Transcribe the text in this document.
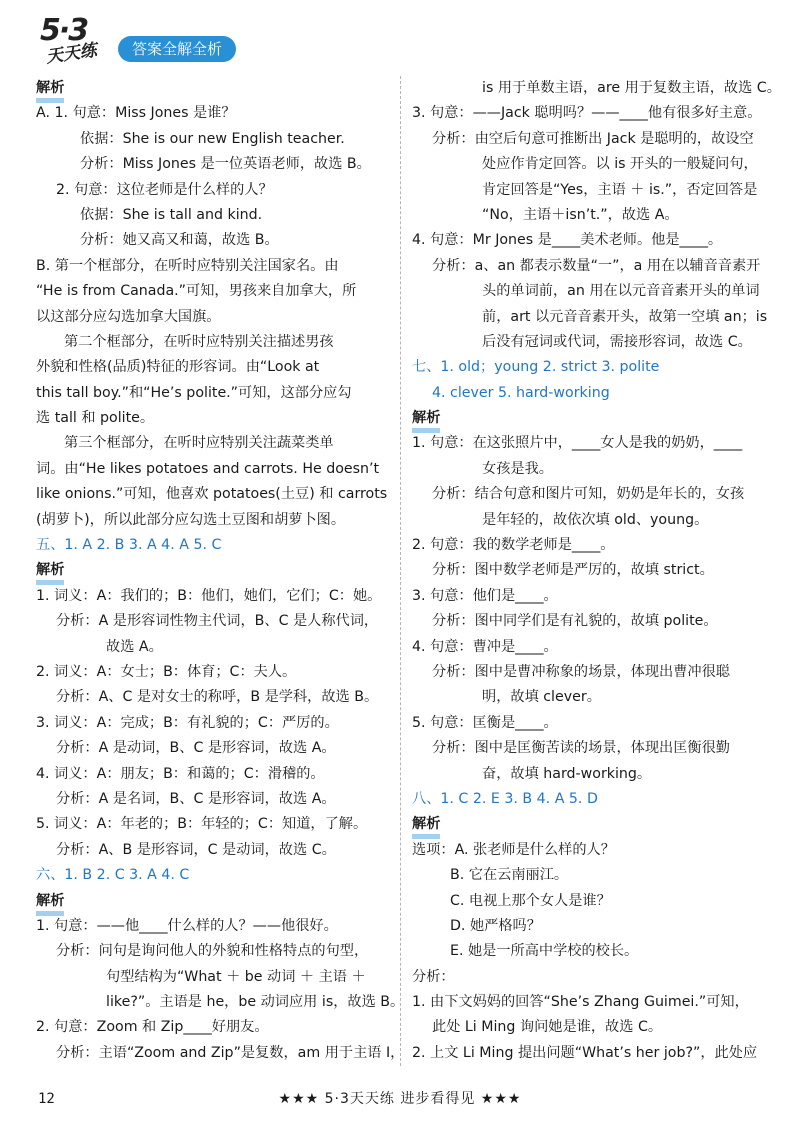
5·3
天天练	答案全解全析
解析
A. 1. 句意：Miss Jones 是谁？
依据：She is our new English teacher.
分析：Miss Jones 是一位英语老师，故选 B。
2. 句意：这位老师是什么样的人？
依据：She is tall and kind.
分析：她又高又和蔼，故选 B。
B. 第一个框部分，在听时应特别关注国家名。由
“He is from Canada.”可知，男孩来自加拿大，所
以这部分应勾选加拿大国旗。
第二个框部分，在听时应特别关注描述男孩
外貌和性格(品质)特征的形容词。由“Look at
this tall boy.”和“He’s polite.”可知，这部分应勾
选 tall 和 polite。
第三个框部分，在听时应特别关注蔬菜类单
词。由“He likes potatoes and carrots. He doesn’t
like onions.”可知，他喜欢 potatoes(土豆) 和 carrots
(胡萝卜)，所以此部分应勾选土豆图和胡萝卜图。
五、1. A 2. B 3. A 4. A 5. C
解析
1. 词义：A：我们的；B：他们，她们，它们；C：她。
分析：A 是形容词性物主代词，B、C 是人称代词，
故选 A。
2. 词义：A：女士；B：体育；C：夫人。
分析：A、C 是对女士的称呼，B 是学科，故选 B。
3. 词义：A：完成；B：有礼貌的；C：严厉的。
分析：A 是动词，B、C 是形容词，故选 A。
4. 词义：A：朋友；B：和蔼的；C：滑稽的。
分析：A 是名词，B、C 是形容词，故选 A。
5. 词义：A：年老的；B：年轻的；C：知道，了解。
分析：A、B 是形容词，C 是动词，故选 C。
六、1. B 2. C 3. A 4. C
解析
1. 句意：——他____什么样的人？——他很好。
分析：问句是询问他人的外貌和性格特点的句型，
句型结构为“What ＋ be 动词 ＋ 主语 ＋
like?”。主语是 he，be 动词应用 is，故选 B。
2. 句意：Zoom 和 Zip____好朋友。
分析：主语“Zoom and Zip”是复数，am 用于主语 I，
is 用于单数主语，are 用于复数主语，故选 C。
3. 句意：——Jack 聪明吗？——____他有很多好主意。
分析：由空后句意可推断出 Jack 是聪明的，故设空
处应作肯定回答。以 is 开头的一般疑问句，
肯定回答是“Yes，主语 ＋ is.”，否定回答是
“No，主语＋isn’t.”，故选 A。
4. 句意：Mr Jones 是____美术老师。他是____。
分析：a、an 都表示数量“一”，a 用在以辅音音素开
头的单词前，an 用在以元音音素开头的单词
前，art 以元音音素开头，故第一空填 an；is
后没有冠词或代词，需接形容词，故选 C。
七、1. old；young 2. strict 3. polite
4. clever 5. hard-working
解析
1. 句意：在这张照片中，____女人是我的奶奶，____
女孩是我。
分析：结合句意和图片可知，奶奶是年长的，女孩
是年轻的，故依次填 old、young。
2. 句意：我的数学老师是____。
分析：图中数学老师是严厉的，故填 strict。
3. 句意：他们是____。
分析：图中同学们是有礼貌的，故填 polite。
4. 句意：曹冲是____。
分析：图中是曹冲称象的场景，体现出曹冲很聪
明，故填 clever。
5. 句意：匡衡是____。
分析：图中是匡衡苦读的场景，体现出匡衡很勤
奋，故填 hard-working。
八、1. C 2. E 3. B 4. A 5. D
解析
选项：A. 张老师是什么样的人？
B. 它在云南丽江。
C. 电视上那个女人是谁？
D. 她严格吗？
E. 她是一所高中学校的校长。
分析：
1. 由下文妈妈的回答“She’s Zhang Guimei.”可知，
此处 Li Ming 询问她是谁，故选 C。
2. 上文 Li Ming 提出问题“What’s her job?”，此处应
12	★★★ 5·3天天练 进步看得见 ★★★
